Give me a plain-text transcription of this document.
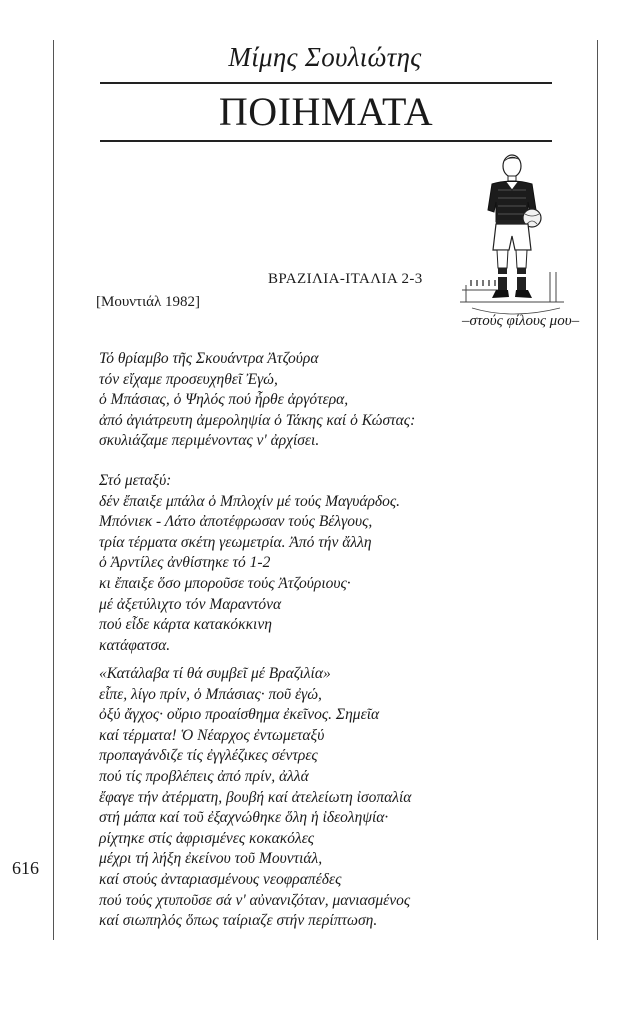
Μίμης Σουλιώτης
ΠΟΙΗΜΑΤΑ
–στούς φίλους μου–
ΒΡΑΖΙΛΙΑ-ΙΤΑΛΙΑ 2-3
[Μουντιάλ 1982]
Τό θρίαμβο τῆς Σκουάντρα Ἀτζούρα
τόν εἴχαμε προσευχηθεῖ Ἐγώ,
ὁ Μπάσιας, ὁ Ψηλός πού ἦρθε ἀργότερα,
ἀπό ἀγιάτρευτη ἀμεροληψία ὁ Τάκης καί ὁ Κώστας:
σκυλιάζαμε περιμένοντας ν' ἀρχίσει.
Στό μεταξύ:
δέν ἔπαιξε μπάλα ὁ Μπλοχίν μέ τούς Μαγυάρδος.
Μπόνιεκ - Λάτο ἀποτέφρωσαν τούς Βέλγους,
τρία τέρματα σκέτη γεωμετρία. Ἀπό τήν ἄλλη
ὁ Ἀρντίλες ἀνθίστηκε τό 1-2
κι ἔπαιξε ὅσο μποροῦσε τούς Ἀτζούριους·
μέ ἀξετύλιχτο τόν Μαραντόνα
πού εἶδε κάρτα κατακόκκινη
κατάφατσα.
«Κατάλαβα τί θά συμβεῖ μέ Βραζιλία»
εἶπε, λίγο πρίν, ὁ Μπάσιας· ποῦ ἐγώ,
ὀξύ ἄγχος· οὔριο προαίσθημα ἐκεῖνος. Σημεῖα
καί τέρματα! Ὁ Νέαρχος ἐντωμεταξύ
προπαγάνδιζε τίς ἐγγλέζικες σέντρες
πού τίς προβλέπεις ἀπό πρίν, ἀλλά
ἔφαγε τήν ἀτέρματη, βουβή καί ἀτελείωτη ἰσοπαλία
στή μάπα καί τοῦ ἐξαχνώθηκε ὅλη ἡ ἰδεοληψία·
ρίχτηκε στίς ἀφρισμένες κοκακόλες
μέχρι τή λήξη ἐκείνου τοῦ Μουντιάλ,
καί στούς ἀνταριασμένους νεοφραπέδες
πού τούς χτυποῦσε σά ν' αὐνανιζόταν, μανιασμένος
καί σιωπηλός ὅπως ταίριαζε στήν περίπτωση.
616
